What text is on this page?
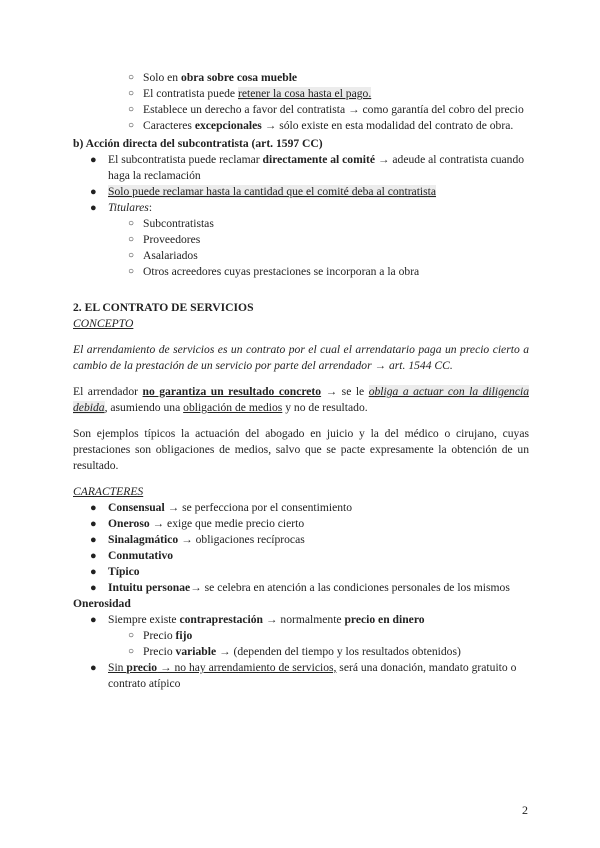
○ Solo en obra sobre cosa mueble
○ El contratista puede retener la cosa hasta el pago.
○ Establece un derecho a favor del contratista → como garantía del cobro del precio
○ Caracteres excepcionales → sólo existe en esta modalidad del contrato de obra.
b) Acción directa del subcontratista (art. 1597 CC)
● El subcontratista puede reclamar directamente al comité → adeude al contratista cuando haga la reclamación
● Solo puede reclamar hasta la cantidad que el comité deba al contratista
● Titulares:
○ Subcontratistas
○ Proveedores
○ Asalariados
○ Otros acreedores cuyas prestaciones se incorporan a la obra
2. EL CONTRATO DE SERVICIOS
CONCEPTO
El arrendamiento de servicios es un contrato por el cual el arrendatario paga un precio cierto a cambio de la prestación de un servicio por parte del arrendador → art. 1544 CC.
El arrendador no garantiza un resultado concreto → se le obliga a actuar con la diligencia debida, asumiendo una obligación de medios y no de resultado.
Son ejemplos típicos la actuación del abogado en juicio y la del médico o cirujano, cuyas prestaciones son obligaciones de medios, salvo que se pacte expresamente la obtención de un resultado.
CARACTERES
● Consensual → se perfecciona por el consentimiento
● Oneroso → exige que medie precio cierto
● Sinalagmático → obligaciones recíprocas
● Conmutativo
● Típico
● Intuitu personae→ se celebra en atención a las condiciones personales de los mismos
Onerosidad
● Siempre existe contraprestación → normalmente precio en dinero
○ Precio fijo
○ Precio variable → (dependen del tiempo y los resultados obtenidos)
● Sin precio → no hay arrendamiento de servicios, será una donación, mandato gratuito o contrato atípico
2
